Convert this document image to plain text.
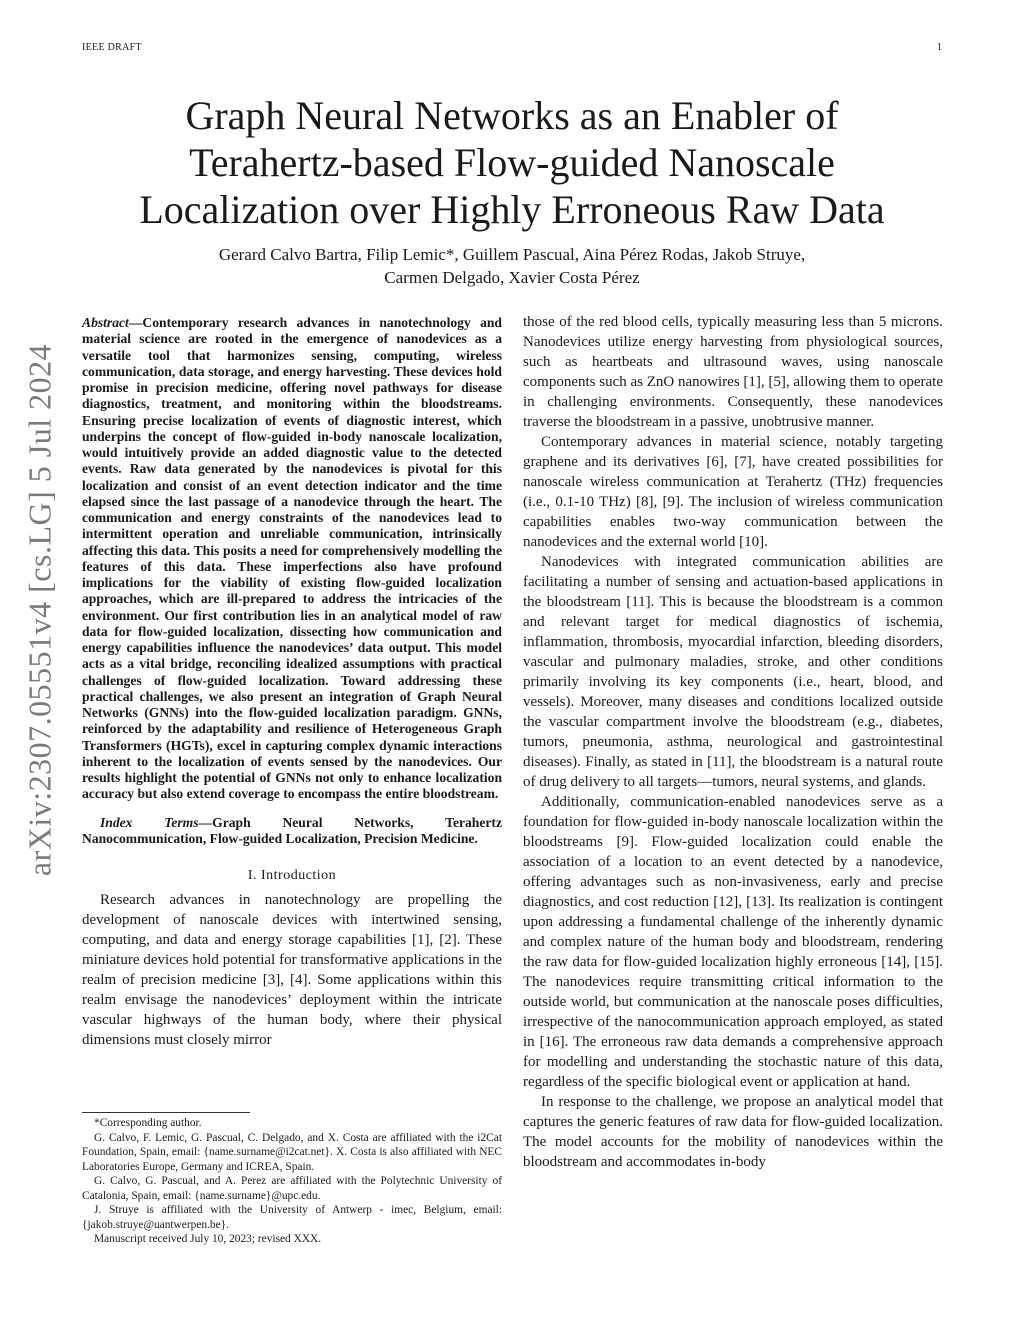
IEEE DRAFT	1
arXiv:2307.05551v4 [cs.LG] 5 Jul 2024
Graph Neural Networks as an Enabler of
Terahertz-based Flow-guided Nanoscale
Localization over Highly Erroneous Raw Data
Gerard Calvo Bartra, Filip Lemic*, Guillem Pascual, Aina Pérez Rodas, Jakob Struye,
Carmen Delgado, Xavier Costa Pérez

Abstract—Contemporary research advances in nanotechnology and material science are rooted in the emergence of nanodevices as a versatile tool that harmonizes sensing, computing, wireless communication, data storage, and energy harvesting. These devices hold promise in precision medicine, offering novel pathways for disease diagnostics, treatment, and monitoring within the bloodstreams. Ensuring precise localization of events of diagnostic interest, which underpins the concept of flow-guided in-body nanoscale localization, would intuitively provide an added diagnostic value to the detected events. Raw data generated by the nanodevices is pivotal for this localization and consist of an event detection indicator and the time elapsed since the last passage of a nanodevice through the heart. The communication and energy constraints of the nanodevices lead to intermittent operation and unreliable communication, intrinsically affecting this data. This posits a need for comprehensively modelling the features of this data. These imperfections also have profound implications for the viability of existing flow-guided localization approaches, which are ill-prepared to address the intricacies of the environment. Our first contribution lies in an analytical model of raw data for flow-guided localization, dissecting how communication and energy capabilities influence the nanodevices’ data output. This model acts as a vital bridge, reconciling idealized assumptions with practical challenges of flow-guided localization. Toward addressing these practical challenges, we also present an integration of Graph Neural Networks (GNNs) into the flow-guided localization paradigm. GNNs, reinforced by the adaptability and resilience of Heterogeneous Graph Transformers (HGTs), excel in capturing complex dynamic interactions inherent to the localization of events sensed by the nanodevices. Our results highlight the potential of GNNs not only to enhance localization accuracy but also extend coverage to encompass the entire bloodstream.

Index Terms—Graph Neural Networks, Terahertz Nanocommunication, Flow-guided Localization, Precision Medicine.

I. Introduction

Research advances in nanotechnology are propelling the development of nanoscale devices with intertwined sensing, computing, and data and energy storage capabilities [1], [2]. These miniature devices hold potential for transformative applications in the realm of precision medicine [3], [4]. Some applications within this realm envisage the nanodevices’ deployment within the intricate vascular highways of the human body, where their physical dimensions must closely mirror

*Corresponding author.

G. Calvo, F. Lemic, G. Pascual, C. Delgado, and X. Costa are affiliated with the i2Cat Foundation, Spain, email: {name.surname@i2cat.net}. X. Costa is also affiliated with NEC Laboratories Europe, Germany and ICREA, Spain.

G. Calvo, G. Pascual, and A. Perez are affiliated with the Polytechnic University of Catalonia, Spain, email: {name.surname}@upc.edu.

J. Struye is affiliated with the University of Antwerp - imec, Belgium, email: {jakob.struye@uantwerpen.be}.

Manuscript received July 10, 2023; revised XXX.

those of the red blood cells, typically measuring less than 5 microns. Nanodevices utilize energy harvesting from physiological sources, such as heartbeats and ultrasound waves, using nanoscale components such as ZnO nanowires [1], [5], allowing them to operate in challenging environments. Consequently, these nanodevices traverse the bloodstream in a passive, unobtrusive manner.

Contemporary advances in material science, notably targeting graphene and its derivatives [6], [7], have created possibilities for nanoscale wireless communication at Terahertz (THz) frequencies (i.e., 0.1-10 THz) [8], [9]. The inclusion of wireless communication capabilities enables two-way communication between the nanodevices and the external world [10].

Nanodevices with integrated communication abilities are facilitating a number of sensing and actuation-based applications in the bloodstream [11]. This is because the bloodstream is a common and relevant target for medical diagnostics of ischemia, inflammation, thrombosis, myocardial infarction, bleeding disorders, vascular and pulmonary maladies, stroke, and other conditions primarily involving its key components (i.e., heart, blood, and vessels). Moreover, many diseases and conditions localized outside the vascular compartment involve the bloodstream (e.g., diabetes, tumors, pneumonia, asthma, neurological and gastrointestinal diseases). Finally, as stated in [11], the bloodstream is a natural route of drug delivery to all targets—tumors, neural systems, and glands.

Additionally, communication-enabled nanodevices serve as a foundation for flow-guided in-body nanoscale localization within the bloodstreams [9]. Flow-guided localization could enable the association of a location to an event detected by a nanodevice, offering advantages such as non-invasiveness, early and precise diagnostics, and cost reduction [12], [13]. Its realization is contingent upon addressing a fundamental challenge of the inherently dynamic and complex nature of the human body and bloodstream, rendering the raw data for flow-guided localization highly erroneous [14], [15]. The nanodevices require transmitting critical information to the outside world, but communication at the nanoscale poses difficulties, irrespective of the nanocommunication approach employed, as stated in [16]. The erroneous raw data demands a comprehensive approach for modelling and understanding the stochastic nature of this data, regardless of the specific biological event or application at hand.

In response to the challenge, we propose an analytical model that captures the generic features of raw data for flow-guided localization. The model accounts for the mobility of nanodevices within the bloodstream and accommodates in-body
